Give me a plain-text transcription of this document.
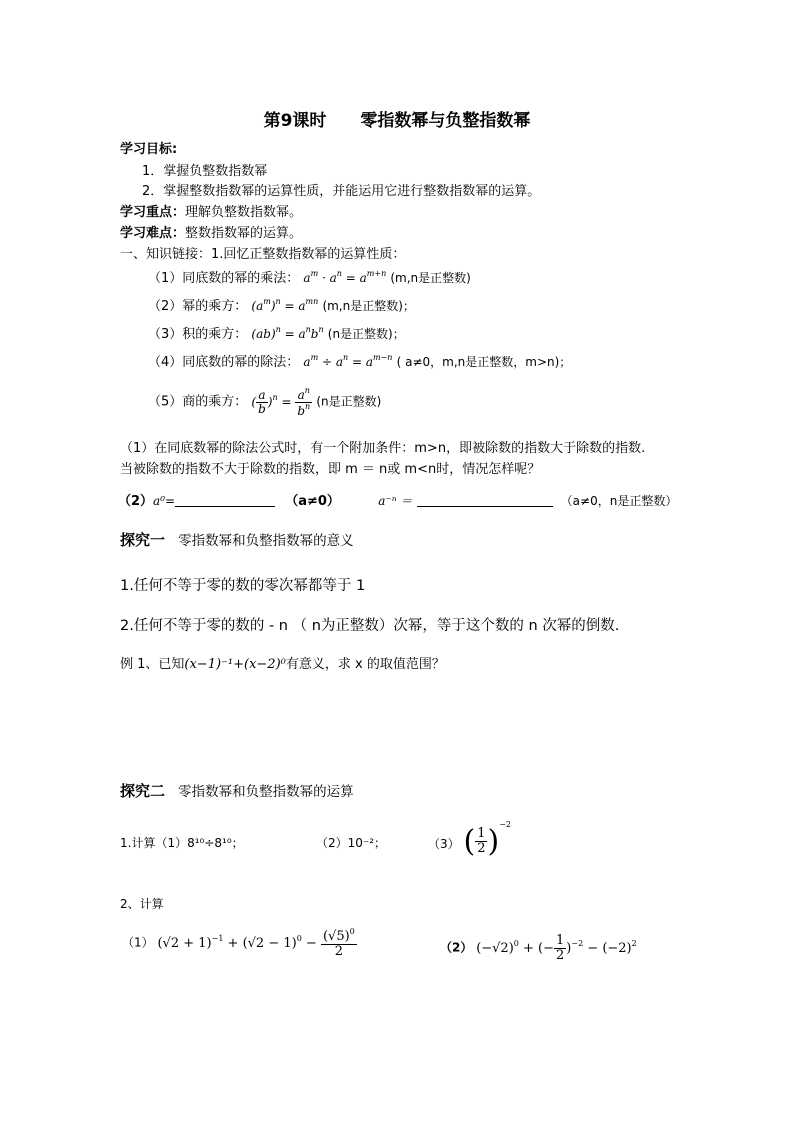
第9课时 零指数幂与负整指数幂
学习目标:
1．掌握负整数指数幂
2．掌握整数指数幂的运算性质，并能运用它进行整数指数幂的运算。
学习重点：理解负整数指数幂。
学习难点：整数指数幂的运算。
一、知识链接：1.回忆正整数指数幂的运算性质：
（1）同底数的幂的乘法： $a^m \cdot a^n = a^{m+n}$ (m,n是正整数)
（2）幂的乘方： $(a^m)^n = a^{mn}$ (m,n是正整数)；
（3）积的乘方： $(ab)^n = a^nb^n$ (n是正整数)；
（4）同底数的幂的除法： $a^m \div a^n = a^{m-n}$ ( a≠0，m,n是正整数，m>n)；
（5）商的乘方： ( $\frac{a}{b} )^n = \frac{a^n}{b^n} (n$是正整数)
（1）在同底数幂的除法公式时，有一个附加条件：m>n，即被除数的指数大于除数的指数.
当被除数的指数不大于除数的指数，即 m ＝ n或 m<n时，情况怎样呢？
（2）a⁰=	（a≠0）	a⁻ⁿ ＝	（a≠0，n是正整数）
探究一 零指数幂和负整指数幂的意义
1.任何不等于零的数的零次幂都等于 1
2.任何不等于零的数的 - n （ n为正整数）次幂，等于这个数的 n 次幂的倒数.
例 1、已知(x−1)⁻¹+(x−2)⁰有意义，求 x 的取值范围？
探究二 零指数幂和负整指数幂的运算
1.计算（1）8¹⁰÷8¹⁰；	（2）10⁻²；	（3） ( $\frac{1}{2} )^{-2}$
2、计算
（1） $(√2 + 1)^{-1} + (√2 - 1)^0 - \frac{(√5)^0}{2}$	（2） $(-√2)^0$ + (− $\frac{1}{2} )^{-2} - (-2)^2$
